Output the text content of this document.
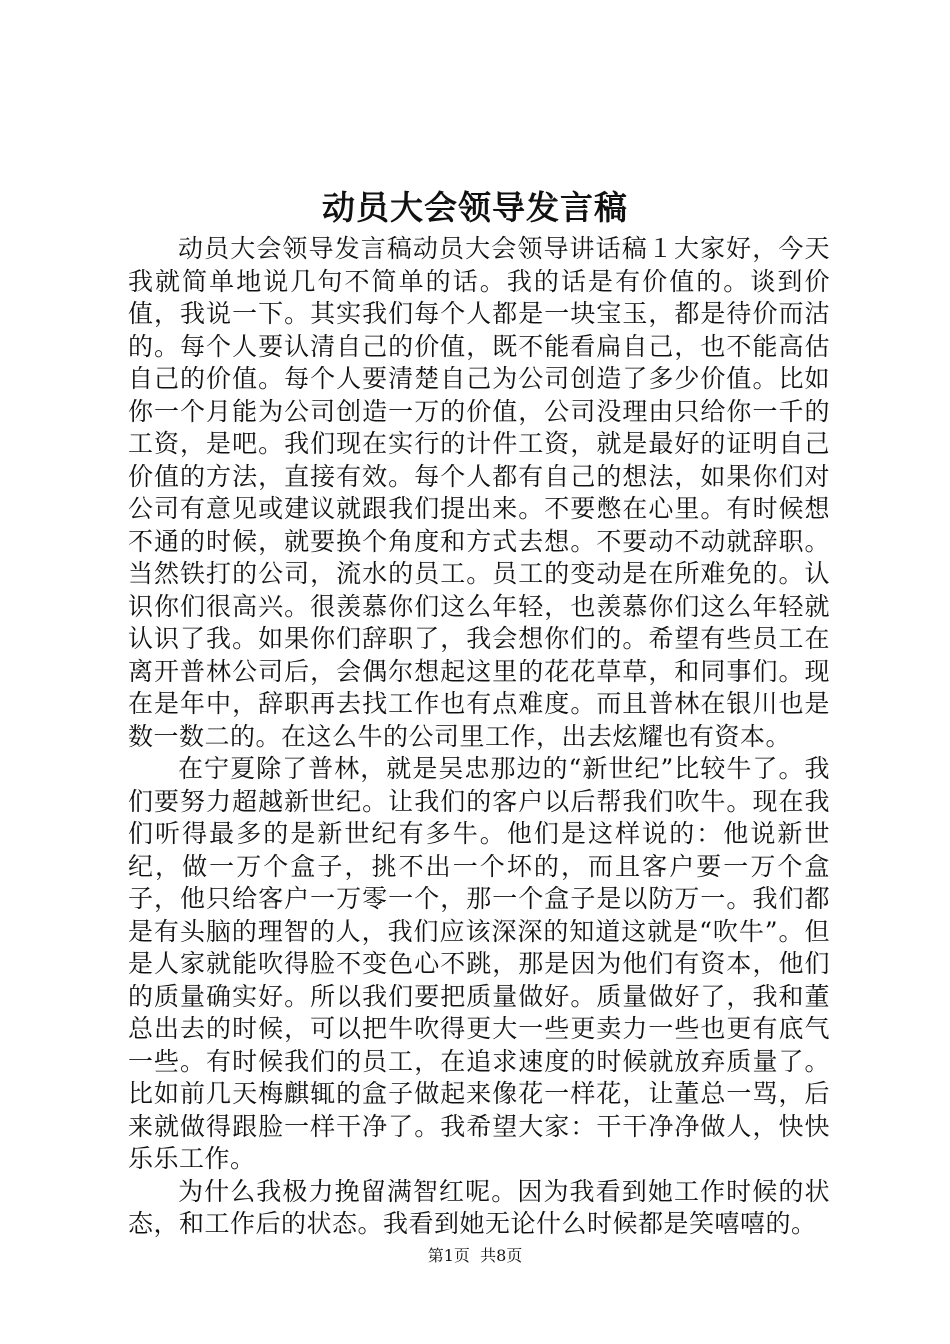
动员大会领导发言稿

动员大会领导发言稿动员大会领导讲话稿１大家好，今天我就简单地说几句不简单的话。我的话是有价值的。谈到价值，我说一下。其实我们每个人都是一块宝玉，都是待价而沽的。每个人要认清自己的价值，既不能看扁自己，也不能高估自己的价值。每个人要清楚自己为公司创造了多少价值。比如你一个月能为公司创造一万的价值，公司没理由只给你一千的工资，是吧。我们现在实行的计件工资，就是最好的证明自己价值的方法，直接有效。每个人都有自己的想法，如果你们对公司有意见或建议就跟我们提出来。不要憋在心里。有时候想不通的时候，就要换个角度和方式去想。不要动不动就辞职。当然铁打的公司，流水的员工。员工的变动是在所难免的。认识你们很高兴。很羡慕你们这么年轻，也羡慕你们这么年轻就认识了我。如果你们辞职了，我会想你们的。希望有些员工在离开普林公司后，会偶尔想起这里的花花草草，和同事们。现在是年中，辞职再去找工作也有点难度。而且普林在银川也是数一数二的。在这么牛的公司里工作，出去炫耀也有资本。

在宁夏除了普林，就是吴忠那边的“新世纪”比较牛了。我们要努力超越新世纪。让我们的客户以后帮我们吹牛。现在我们听得最多的是新世纪有多牛。他们是这样说的：他说新世纪，做一万个盒子，挑不出一个坏的，而且客户要一万个盒子，他只给客户一万零一个，那一个盒子是以防万一。我们都是有头脑的理智的人，我们应该深深的知道这就是“吹牛”。但是人家就能吹得脸不变色心不跳，那是因为他们有资本，他们的质量确实好。所以我们要把质量做好。质量做好了，我和董总出去的时候，可以把牛吹得更大一些更卖力一些也更有底气一些。有时候我们的员工，在追求速度的时候就放弃质量了。比如前几天梅麒辄的盒子做起来像花一样花，让董总一骂，后来就做得跟脸一样干净了。我希望大家：干干净净做人，快快乐乐工作。

为什么我极力挽留满智红呢。因为我看到她工作时候的状态，和工作后的状态。我看到她无论什么时候都是笑嘻嘻的。

第1页 共8页
